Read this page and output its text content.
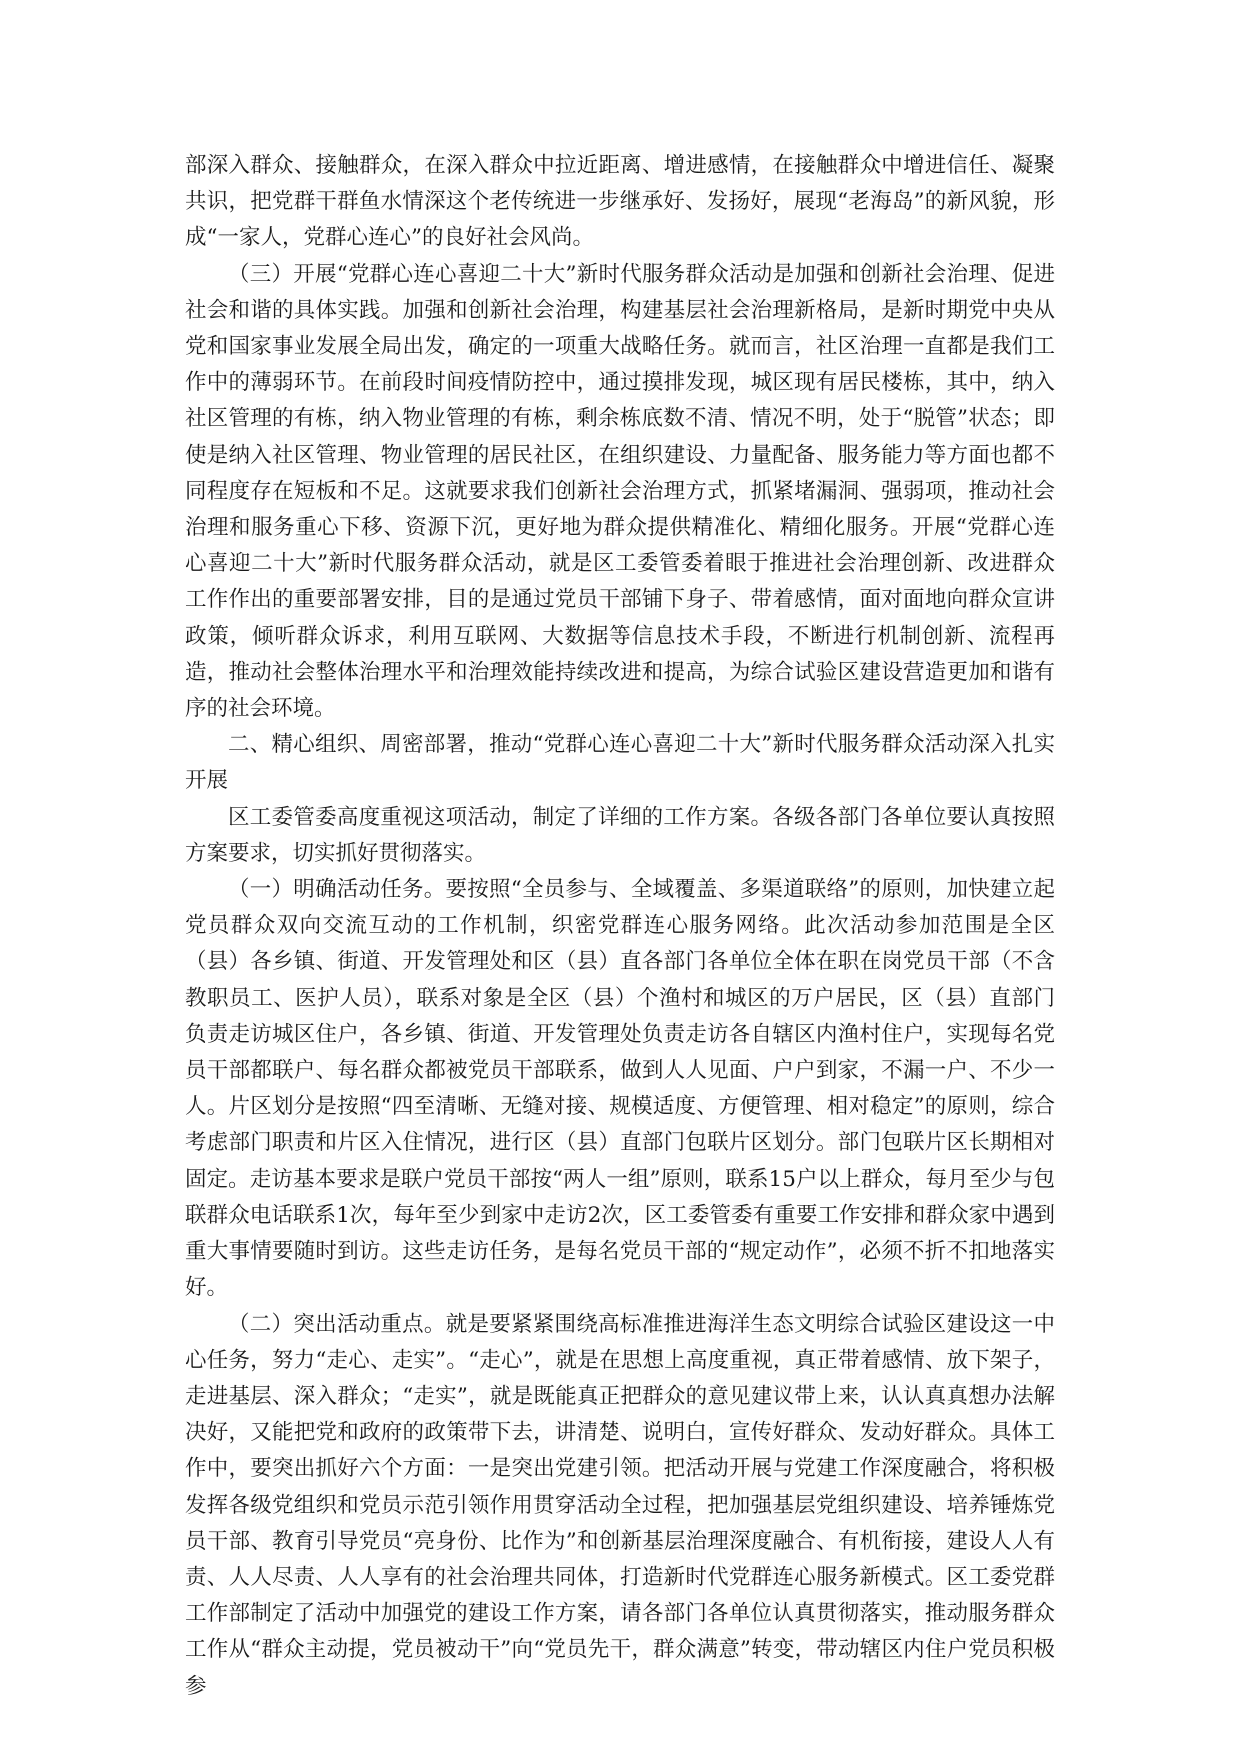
部深入群众、接触群众，在深入群众中拉近距离、增进感情，在接触群众中增进信任、凝聚共识，把党群干群鱼水情深这个老传统进一步继承好、发扬好，展现“老海岛”的新风貌，形成“一家人，党群心连心”的良好社会风尚。

（三）开展“党群心连心喜迎二十大”新时代服务群众活动是加强和创新社会治理、促进社会和谐的具体实践。加强和创新社会治理，构建基层社会治理新格局，是新时期党中央从党和国家事业发展全局出发，确定的一项重大战略任务。就而言，社区治理一直都是我们工作中的薄弱环节。在前段时间疫情防控中，通过摸排发现，城区现有居民楼栋，其中，纳入社区管理的有栋，纳入物业管理的有栋，剩余栋底数不清、情况不明，处于“脱管”状态；即使是纳入社区管理、物业管理的居民社区，在组织建设、力量配备、服务能力等方面也都不同程度存在短板和不足。这就要求我们创新社会治理方式，抓紧堵漏洞、强弱项，推动社会治理和服务重心下移、资源下沉，更好地为群众提供精准化、精细化服务。开展“党群心连心喜迎二十大”新时代服务群众活动，就是区工委管委着眼于推进社会治理创新、改进群众工作作出的重要部署安排，目的是通过党员干部铺下身子、带着感情，面对面地向群众宣讲政策，倾听群众诉求，利用互联网、大数据等信息技术手段，不断进行机制创新、流程再造，推动社会整体治理水平和治理效能持续改进和提高，为综合试验区建设营造更加和谐有序的社会环境。

二、精心组织、周密部署，推动“党群心连心喜迎二十大”新时代服务群众活动深入扎实开展

区工委管委高度重视这项活动，制定了详细的工作方案。各级各部门各单位要认真按照方案要求，切实抓好贯彻落实。

（一）明确活动任务。要按照“全员参与、全域覆盖、多渠道联络”的原则，加快建立起党员群众双向交流互动的工作机制，织密党群连心服务网络。此次活动参加范围是全区（县）各乡镇、街道、开发管理处和区（县）直各部门各单位全体在职在岗党员干部（不含教职员工、医护人员），联系对象是全区（县）个渔村和城区的万户居民，区（县）直部门负责走访城区住户，各乡镇、街道、开发管理处负责走访各自辖区内渔村住户，实现每名党员干部都联户、每名群众都被党员干部联系，做到人人见面、户户到家，不漏一户、不少一人。片区划分是按照“四至清晰、无缝对接、规模适度、方便管理、相对稳定”的原则，综合考虑部门职责和片区入住情况，进行区（县）直部门包联片区划分。部门包联片区长期相对固定。走访基本要求是联户党员干部按“两人一组”原则，联系15户以上群众，每月至少与包联群众电话联系1次，每年至少到家中走访2次，区工委管委有重要工作安排和群众家中遇到重大事情要随时到访。这些走访任务，是每名党员干部的“规定动作”，必须不折不扣地落实好。

（二）突出活动重点。就是要紧紧围绕高标准推进海洋生态文明综合试验区建设这一中心任务，努力“走心、走实”。“走心”，就是在思想上高度重视，真正带着感情、放下架子，走进基层、深入群众；“走实”，就是既能真正把群众的意见建议带上来，认认真真想办法解决好，又能把党和政府的政策带下去，讲清楚、说明白，宣传好群众、发动好群众。具体工作中，要突出抓好六个方面：一是突出党建引领。把活动开展与党建工作深度融合，将积极发挥各级党组织和党员示范引领作用贯穿活动全过程，把加强基层党组织建设、培养锤炼党员干部、教育引导党员“亮身份、比作为”和创新基层治理深度融合、有机衔接，建设人人有责、人人尽责、人人享有的社会治理共同体，打造新时代党群连心服务新模式。区工委党群工作部制定了活动中加强党的建设工作方案，请各部门各单位认真贯彻落实，推动服务群众工作从“群众主动提，党员被动干”向“党员先干，群众满意”转变，带动辖区内住户党员积极参
